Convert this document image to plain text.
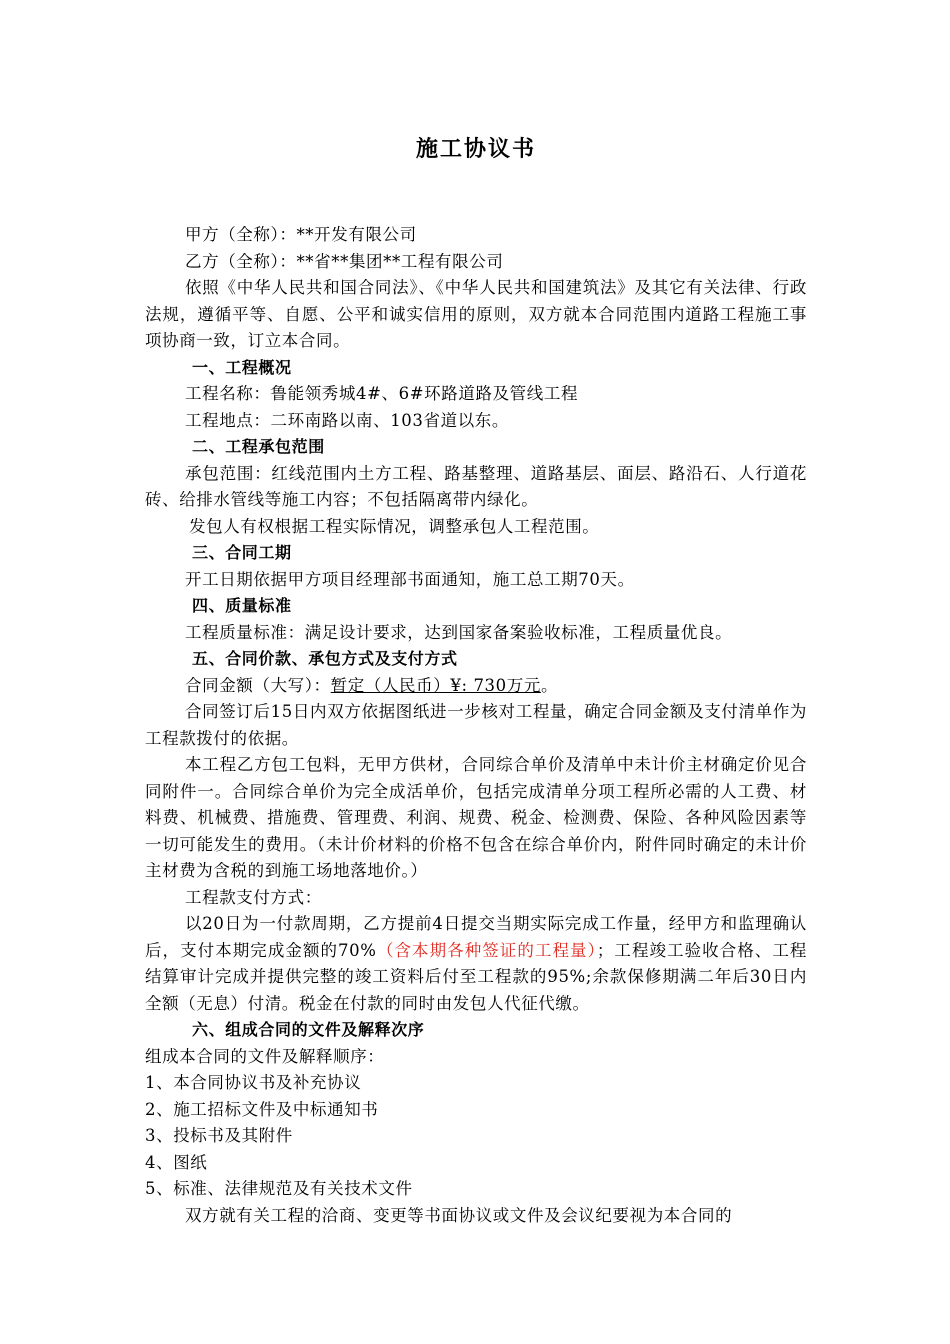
施工协议书

甲方（全称）：**开发有限公司

乙方（全称）：**省**集团**工程有限公司

依照《中华人民共和国合同法》、《中华人民共和国建筑法》及其它有关法律、行政法规，遵循平等、自愿、公平和诚实信用的原则，双方就本合同范围内道路工程施工事项协商一致，订立本合同。

一、工程概况

工程名称：鲁能领秀城4#、6#环路道路及管线工程

工程地点：二环南路以南、103省道以东。

二、工程承包范围

承包范围：红线范围内土方工程、路基整理、道路基层、面层、路沿石、人行道花砖、给排水管线等施工内容；不包括隔离带内绿化。

发包人有权根据工程实际情况，调整承包人工程范围。

三、合同工期

开工日期依据甲方项目经理部书面通知，施工总工期70天。

四、质量标准

工程质量标准：满足设计要求，达到国家备案验收标准，工程质量优良。

五、合同价款、承包方式及支付方式

合同金额（大写）：暂定（人民币）¥: 730万元。

合同签订后15日内双方依据图纸进一步核对工程量，确定合同金额及支付清单作为工程款拨付的依据。

本工程乙方包工包料，无甲方供材，合同综合单价及清单中未计价主材确定价见合同附件一。合同综合单价为完全成活单价，包括完成清单分项工程所必需的人工费、材料费、机械费、措施费、管理费、利润、规费、税金、检测费、保险、各种风险因素等一切可能发生的费用。（未计价材料的价格不包含在综合单价内，附件同时确定的未计价主材费为含税的到施工场地落地价。）

工程款支付方式：

以20日为一付款周期，乙方提前4日提交当期实际完成工作量，经甲方和监理确认后，支付本期完成金额的70%（含本期各种签证的工程量）；工程竣工验收合格、工程结算审计完成并提供完整的竣工资料后付至工程款的95%;余款保修期满二年后30日内全额（无息）付清。税金在付款的同时由发包人代征代缴。

六、组成合同的文件及解释次序

组成本合同的文件及解释顺序：

1、本合同协议书及补充协议

2、施工招标文件及中标通知书

3、投标书及其附件

4、图纸

5、标准、法律规范及有关技术文件

双方就有关工程的洽商、变更等书面协议或文件及会议纪要视为本合同的
